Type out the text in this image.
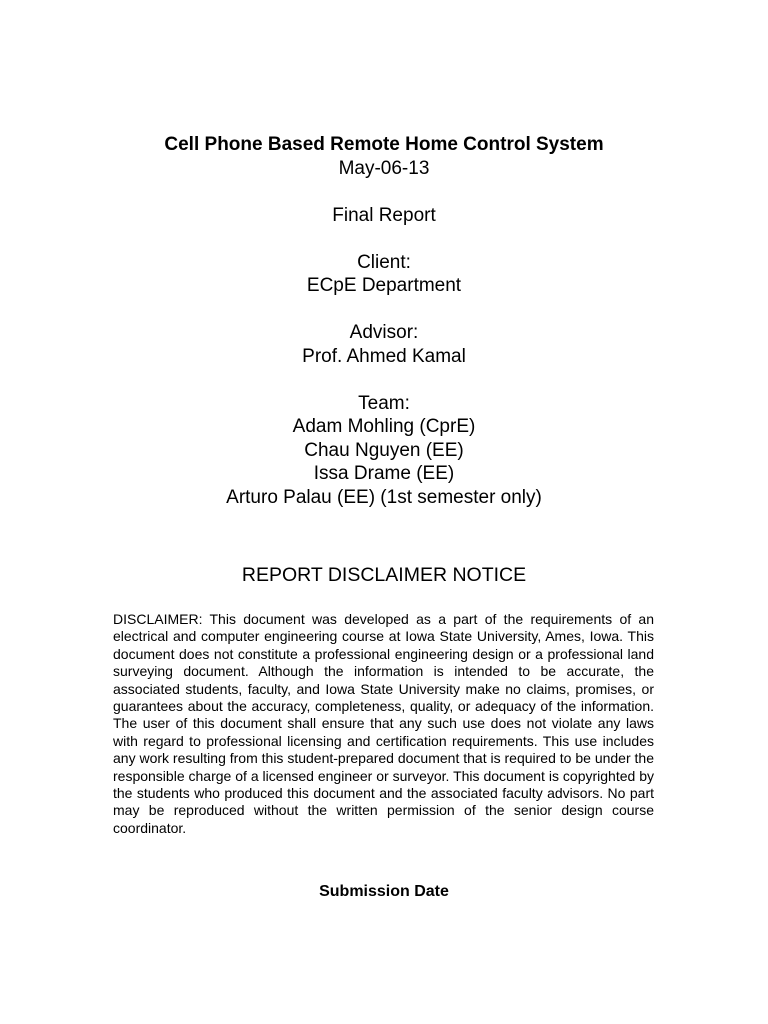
Cell Phone Based Remote Home Control System
May-06-13
Final Report
Client:
ECpE Department
Advisor:
Prof. Ahmed Kamal
Team:
Adam Mohling (CprE)
Chau Nguyen (EE)
Issa Drame (EE)
Arturo Palau (EE) (1st semester only)
REPORT DISCLAIMER NOTICE
DISCLAIMER: This document was developed as a part of the requirements of an electrical and computer engineering course at Iowa State University, Ames, Iowa. This document does not constitute a professional engineering design or a professional land surveying document. Although the information is intended to be accurate, the associated students, faculty, and Iowa State University make no claims, promises, or guarantees about the accuracy, completeness, quality, or adequacy of the information. The user of this document shall ensure that any such use does not violate any laws with regard to professional licensing and certification requirements. This use includes any work resulting from this student-prepared document that is required to be under the responsible charge of a licensed engineer or surveyor. This document is copyrighted by the students who produced this document and the associated faculty advisors. No part may be reproduced without the written permission of the senior design course coordinator.
Submission Date
